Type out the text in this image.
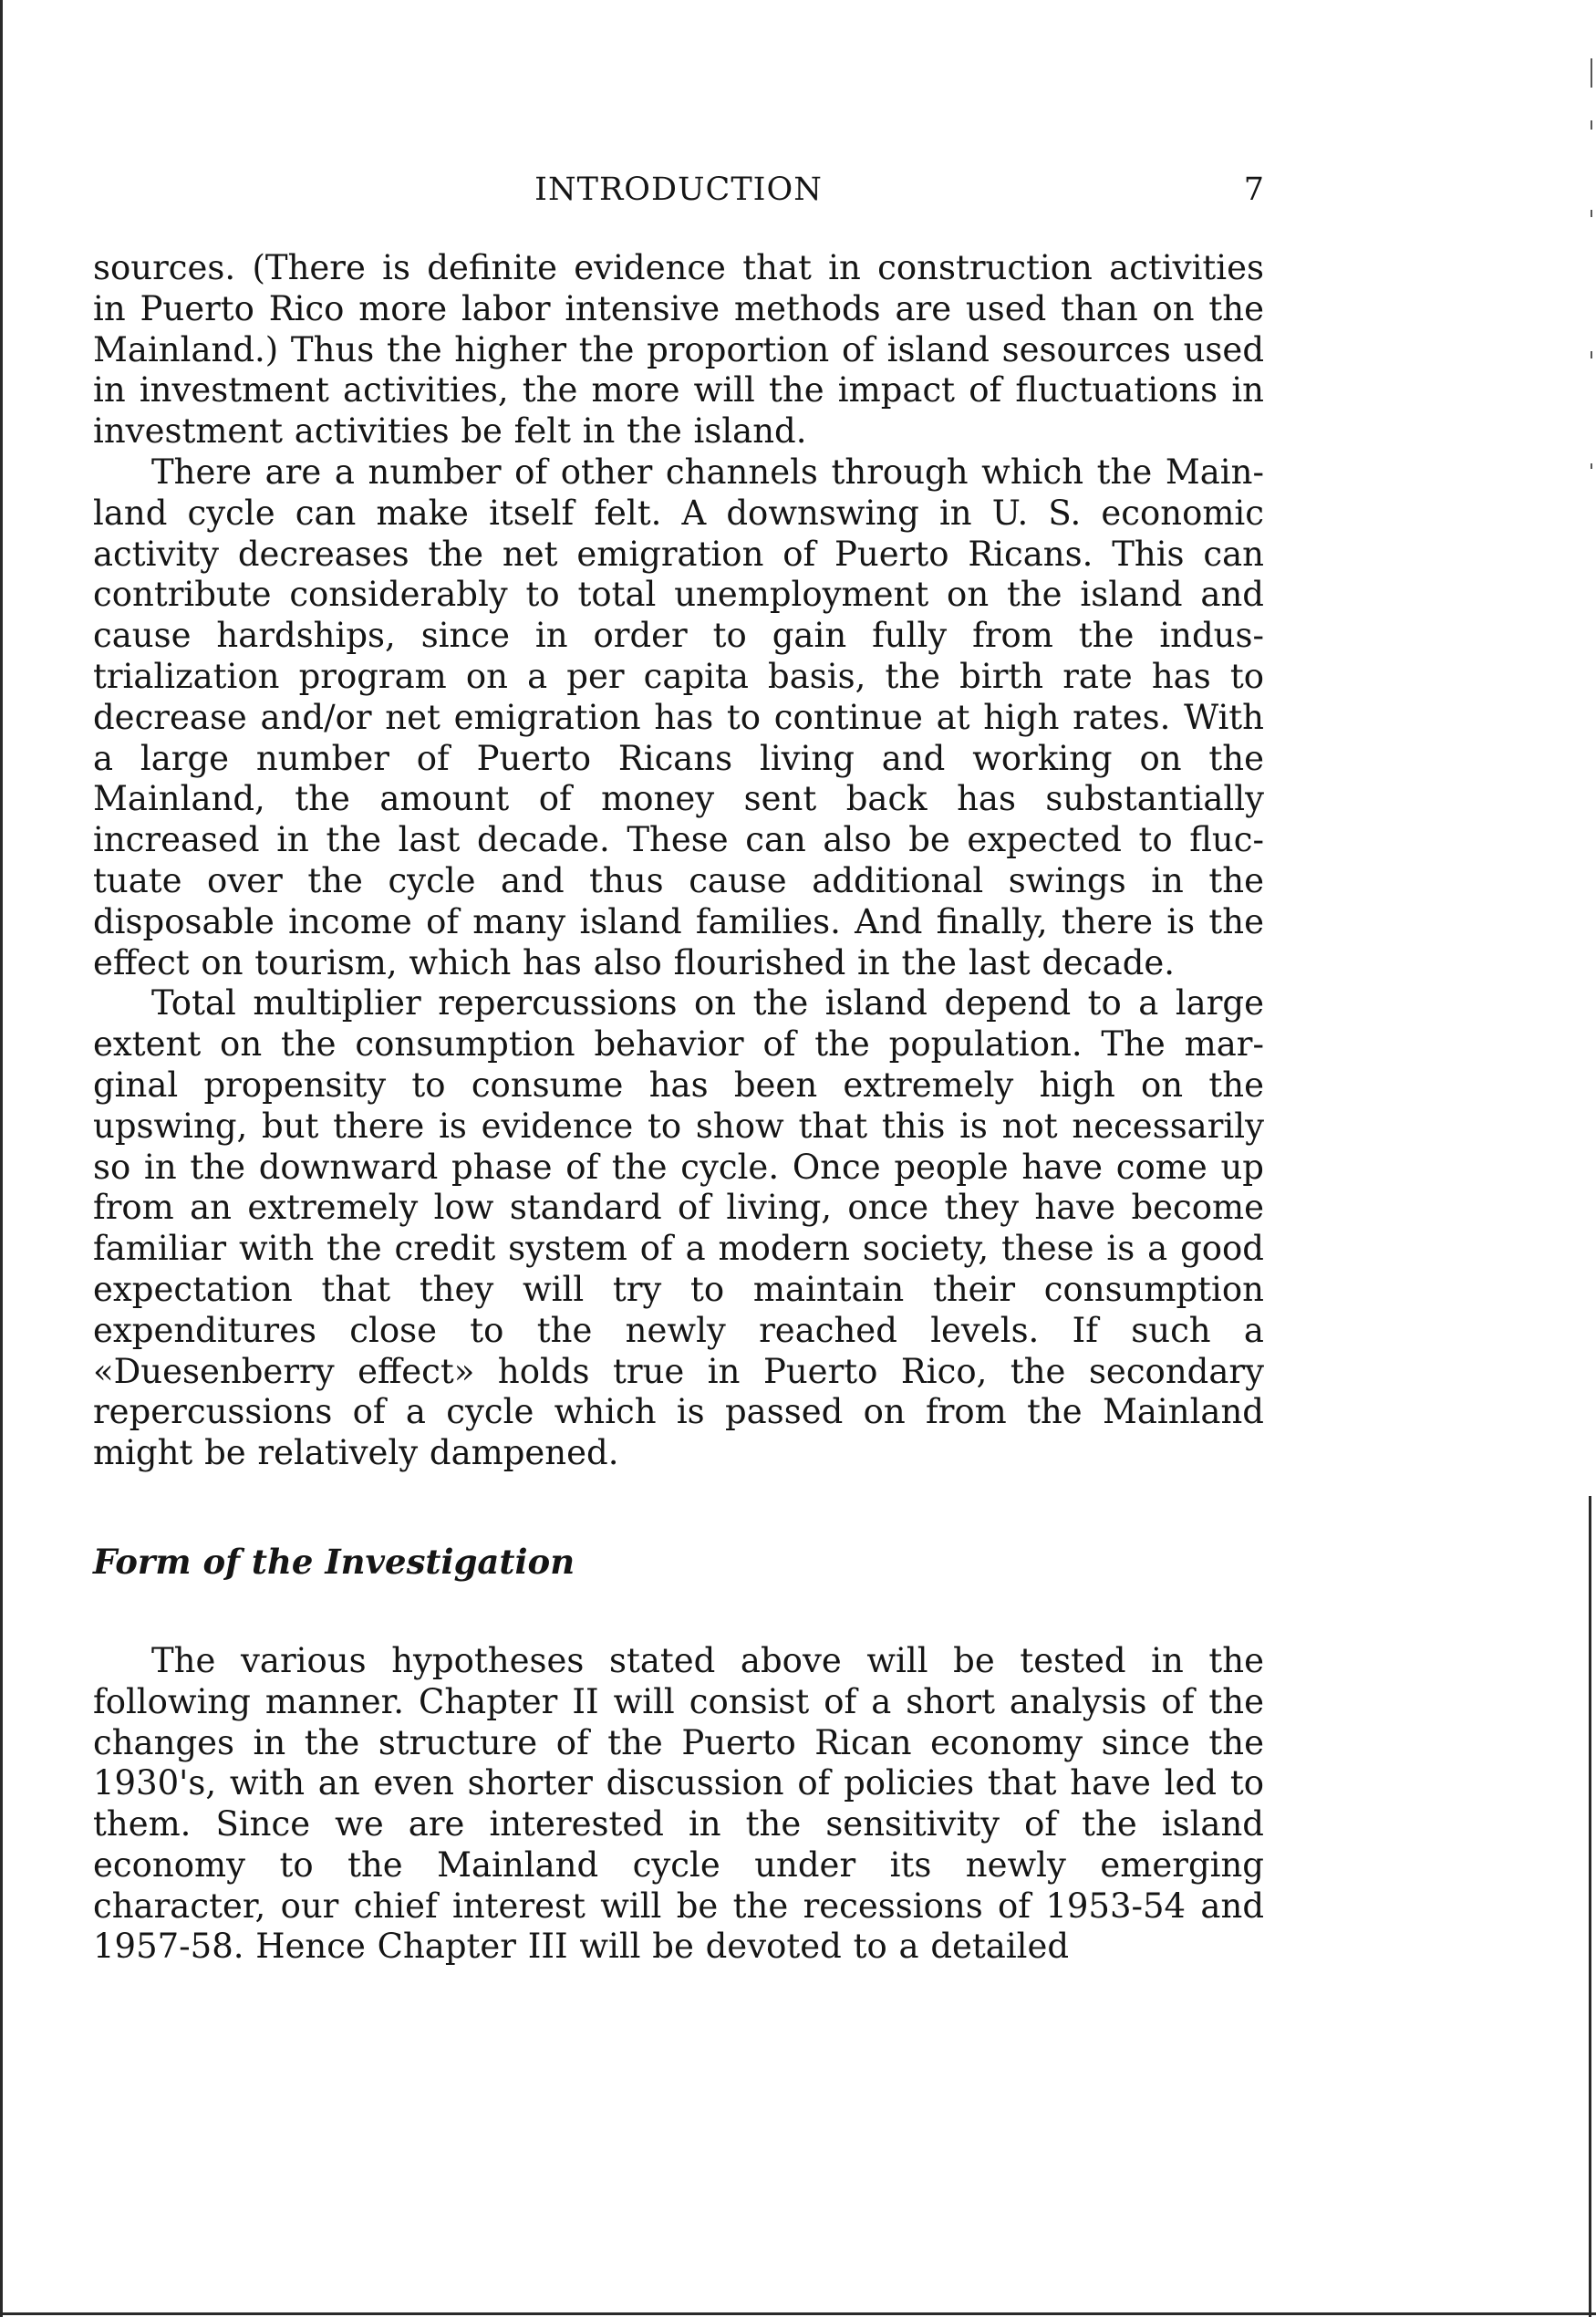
INTRODUCTION	7

sources. (There is definite evidence that in construction activities in Puerto Rico more labor intensive methods are used than on the Mainland.) Thus the higher the proportion of island sesources used in investment activities, the more will the impact of fluctuations in investment activities be felt in the island.

There are a number of other channels through which the Mainland cycle can make itself felt. A downswing in U. S. economic activity decreases the net emigration of Puerto Ricans. This can contribute considerably to total unemployment on the island and cause hardships, since in order to gain fully from the industrialization program on a per capita basis, the birth rate has to decrease and/or net emigration has to continue at high rates. With a large number of Puerto Ricans living and working on the Mainland, the amount of money sent back has substantially increased in the last decade. These can also be expected to fluctuate over the cycle and thus cause additional swings in the disposable income of many island families. And finally, there is the effect on tourism, which has also flourished in the last decade.

Total multiplier repercussions on the island depend to a large extent on the consumption behavior of the population. The marginal propensity to consume has been extremely high on the upswing, but there is evidence to show that this is not necessarily so in the downward phase of the cycle. Once people have come up from an extremely low standard of living, once they have become familiar with the credit system of a modern society, these is a good expectation that they will try to maintain their consumption expenditures close to the newly reached levels. If such a «Duesenberry effect» holds true in Puerto Rico, the secondary repercussions of a cycle which is passed on from the Mainland might be relatively dampened.

Form of the Investigation

The various hypotheses stated above will be tested in the following manner. Chapter II will consist of a short analysis of the changes in the structure of the Puerto Rican economy since the 1930's, with an even shorter discussion of policies that have led to them. Since we are interested in the sensitivity of the island economy to the Mainland cycle under its newly emerging character, our chief interest will be the recessions of 1953-54 and 1957-58. Hence Chapter III will be devoted to a detailed
